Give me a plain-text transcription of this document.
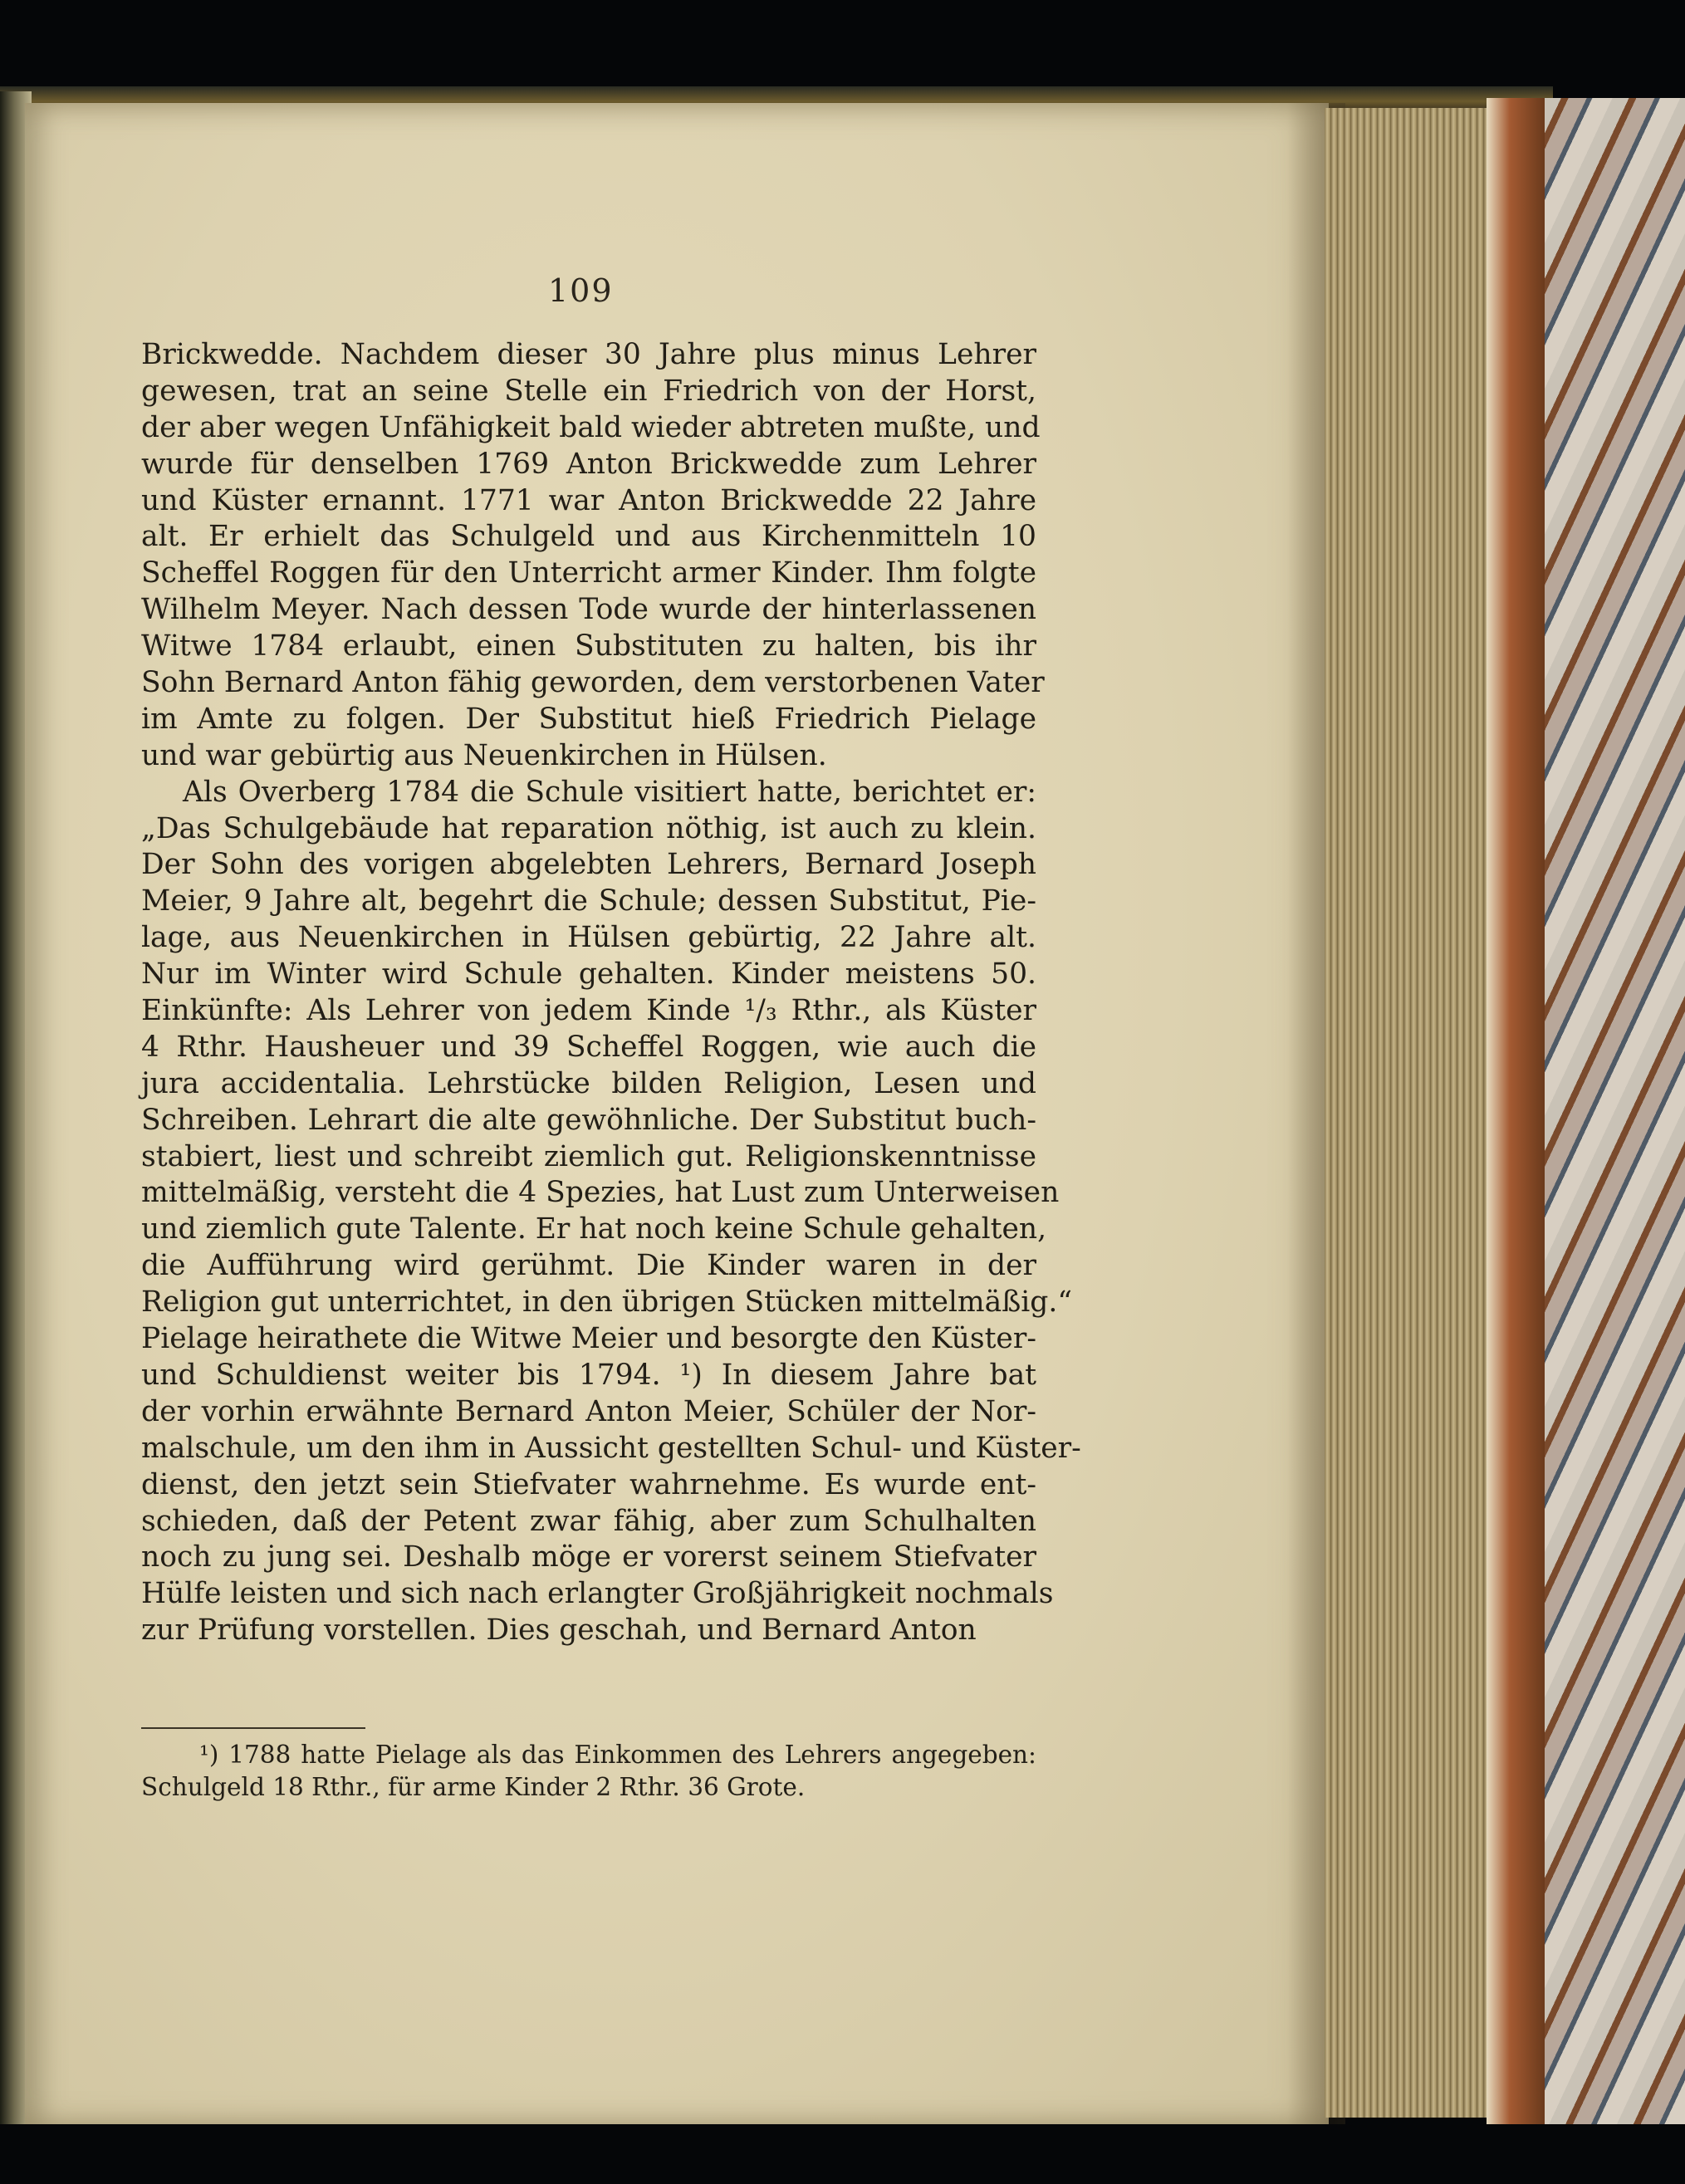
109
Brickwedde. Nachdem dieser 30 Jahre plus minus Lehrer
gewesen, trat an seine Stelle ein Friedrich von der Horst,
der aber wegen Unfähigkeit bald wieder abtreten mußte, und
wurde für denselben 1769 Anton Brickwedde zum Lehrer
und Küster ernannt. 1771 war Anton Brickwedde 22 Jahre
alt. Er erhielt das Schulgeld und aus Kirchenmitteln 10
Scheffel Roggen für den Unterricht armer Kinder. Ihm folgte
Wilhelm Meyer. Nach dessen Tode wurde der hinterlassenen
Witwe 1784 erlaubt, einen Substituten zu halten, bis ihr
Sohn Bernard Anton fähig geworden, dem verstorbenen Vater
im Amte zu folgen. Der Substitut hieß Friedrich Pielage
und war gebürtig aus Neuenkirchen in Hülsen.
Als Overberg 1784 die Schule visitiert hatte, berichtet er:
„Das Schulgebäude hat reparation nöthig, ist auch zu klein.
Der Sohn des vorigen abgelebten Lehrers, Bernard Joseph
Meier, 9 Jahre alt, begehrt die Schule; dessen Substitut, Pie-
lage, aus Neuenkirchen in Hülsen gebürtig, 22 Jahre alt.
Nur im Winter wird Schule gehalten. Kinder meistens 50.
Einkünfte: Als Lehrer von jedem Kinde ¹/₃ Rthr., als Küster
4 Rthr. Hausheuer und 39 Scheffel Roggen, wie auch die
jura accidentalia. Lehrstücke bilden Religion, Lesen und
Schreiben. Lehrart die alte gewöhnliche. Der Substitut buch-
stabiert, liest und schreibt ziemlich gut. Religionskenntnisse
mittelmäßig, versteht die 4 Spezies, hat Lust zum Unterweisen
und ziemlich gute Talente. Er hat noch keine Schule gehalten,
die Aufführung wird gerühmt. Die Kinder waren in der
Religion gut unterrichtet, in den übrigen Stücken mittelmäßig.“
Pielage heirathete die Witwe Meier und besorgte den Küster-
und Schuldienst weiter bis 1794. ¹) In diesem Jahre bat
der vorhin erwähnte Bernard Anton Meier, Schüler der Nor-
malschule, um den ihm in Aussicht gestellten Schul- und Küster-
dienst, den jetzt sein Stiefvater wahrnehme. Es wurde ent-
schieden, daß der Petent zwar fähig, aber zum Schulhalten
noch zu jung sei. Deshalb möge er vorerst seinem Stiefvater
Hülfe leisten und sich nach erlangter Großjährigkeit nochmals
zur Prüfung vorstellen. Dies geschah, und Bernard Anton
¹) 1788 hatte Pielage als das Einkommen des Lehrers angegeben:
Schulgeld 18 Rthr., für arme Kinder 2 Rthr. 36 Grote.
